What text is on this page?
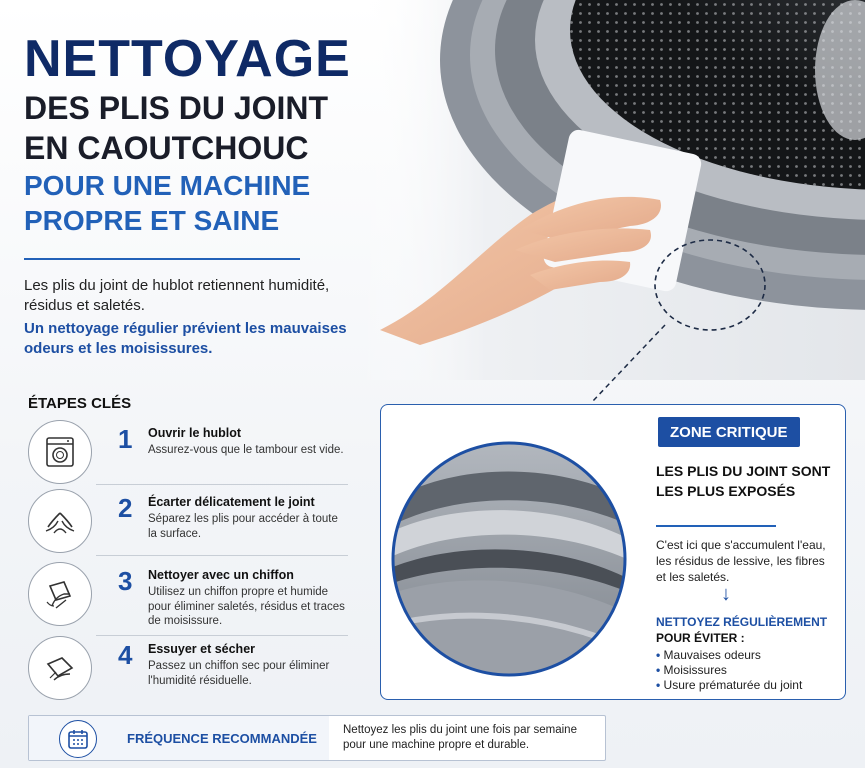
NETTOYAGE
DES PLIS DU JOINT
EN CAOUTCHOUC
POUR UNE MACHINE
PROPRE ET SAINE
Les plis du joint de hublot retiennent humidité, résidus et saletés.
Un nettoyage régulier prévient les mauvaises odeurs et les moisissures.
ÉTAPES CLÉS
1 Ouvrir le hublot
Assurez-vous que le tambour est vide.
2 Écarter délicatement le joint
Séparez les plis pour accéder à toute la surface.
3 Nettoyer avec un chiffon
Utilisez un chiffon propre et humide pour éliminer saletés, résidus et traces de moisissure.
4 Essuyer et sécher
Passez un chiffon sec pour éliminer l'humidité résiduelle.
ZONE CRITIQUE
LES PLIS DU JOINT SONT LES PLUS EXPOSÉS
C'est ici que s'accumulent l'eau, les résidus de lessive, les fibres et les saletés.
↓
NETTOYEZ RÉGULIÈREMENT
POUR ÉVITER :
• Mauvaises odeurs
• Moisissures
• Usure prématurée du joint
FRÉQUENCE RECOMMANDÉE
Nettoyez les plis du joint une fois par semaine pour une machine propre et durable.
